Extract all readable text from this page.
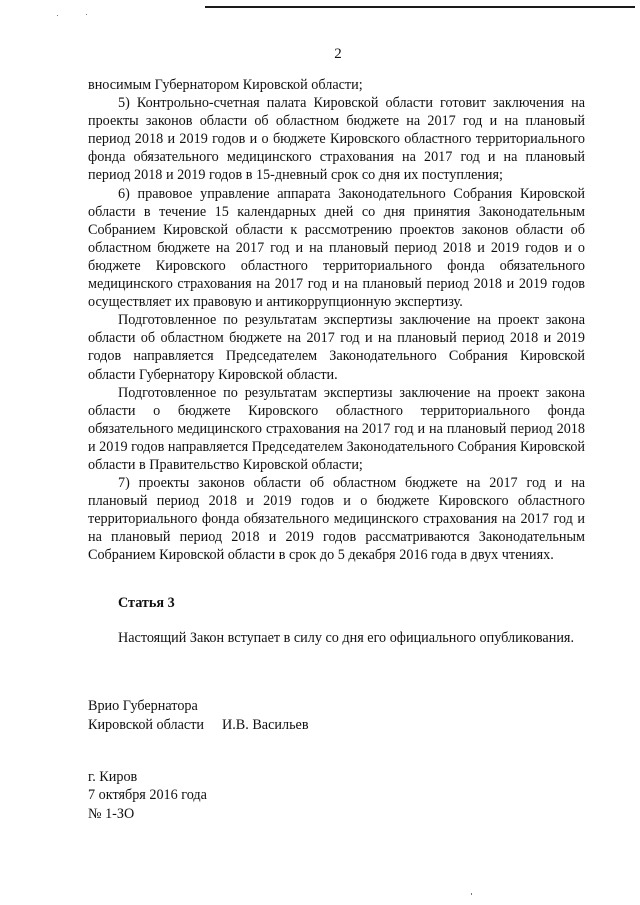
2

вносимым Губернатором Кировской области;

5) Контрольно-счетная палата Кировской области готовит заключения на проекты законов области об областном бюджете на 2017 год и на плановый период 2018 и 2019 годов и о бюджете Кировского областного территориального фонда обязательного медицинского страхования на 2017 год и на плановый период 2018 и 2019 годов в 15-дневный срок со дня их поступления;

6) правовое управление аппарата Законодательного Собрания Кировской области в течение 15 календарных дней со дня принятия Законодательным Собранием Кировской области к рассмотрению проектов законов области об областном бюджете на 2017 год и на плановый период 2018 и 2019 годов и о бюджете Кировского областного территориального фонда обязательного медицинского страхования на 2017 год и на плановый период 2018 и 2019 годов осуществляет их правовую и антикоррупционную экспертизу.

Подготовленное по результатам экспертизы заключение на проект закона области об областном бюджете на 2017 год и на плановый период 2018 и 2019 годов направляется Председателем Законодательного Собрания Кировской области Губернатору Кировской области.

Подготовленное по результатам экспертизы заключение на проект закона области о бюджете Кировского областного территориального фонда обязательного медицинского страхования на 2017 год и на плановый период 2018 и 2019 годов направляется Председателем Законодательного Собрания Кировской области в Правительство Кировской области;

7) проекты законов области об областном бюджете на 2017 год и на плановый период 2018 и 2019 годов и о бюджете Кировского областного территориального фонда обязательного медицинского страхования на 2017 год и на плановый период 2018 и 2019 годов рассматриваются Законодательным Собранием Кировской области в срок до 5 декабря 2016 года в двух чтениях.

Статья 3

Настоящий Закон вступает в силу со дня его официального опубликования.

Врио Губернатора

Кировской области И.В. Васильев
г. Киров
7 октября 2016 года
№ 1-ЗО
